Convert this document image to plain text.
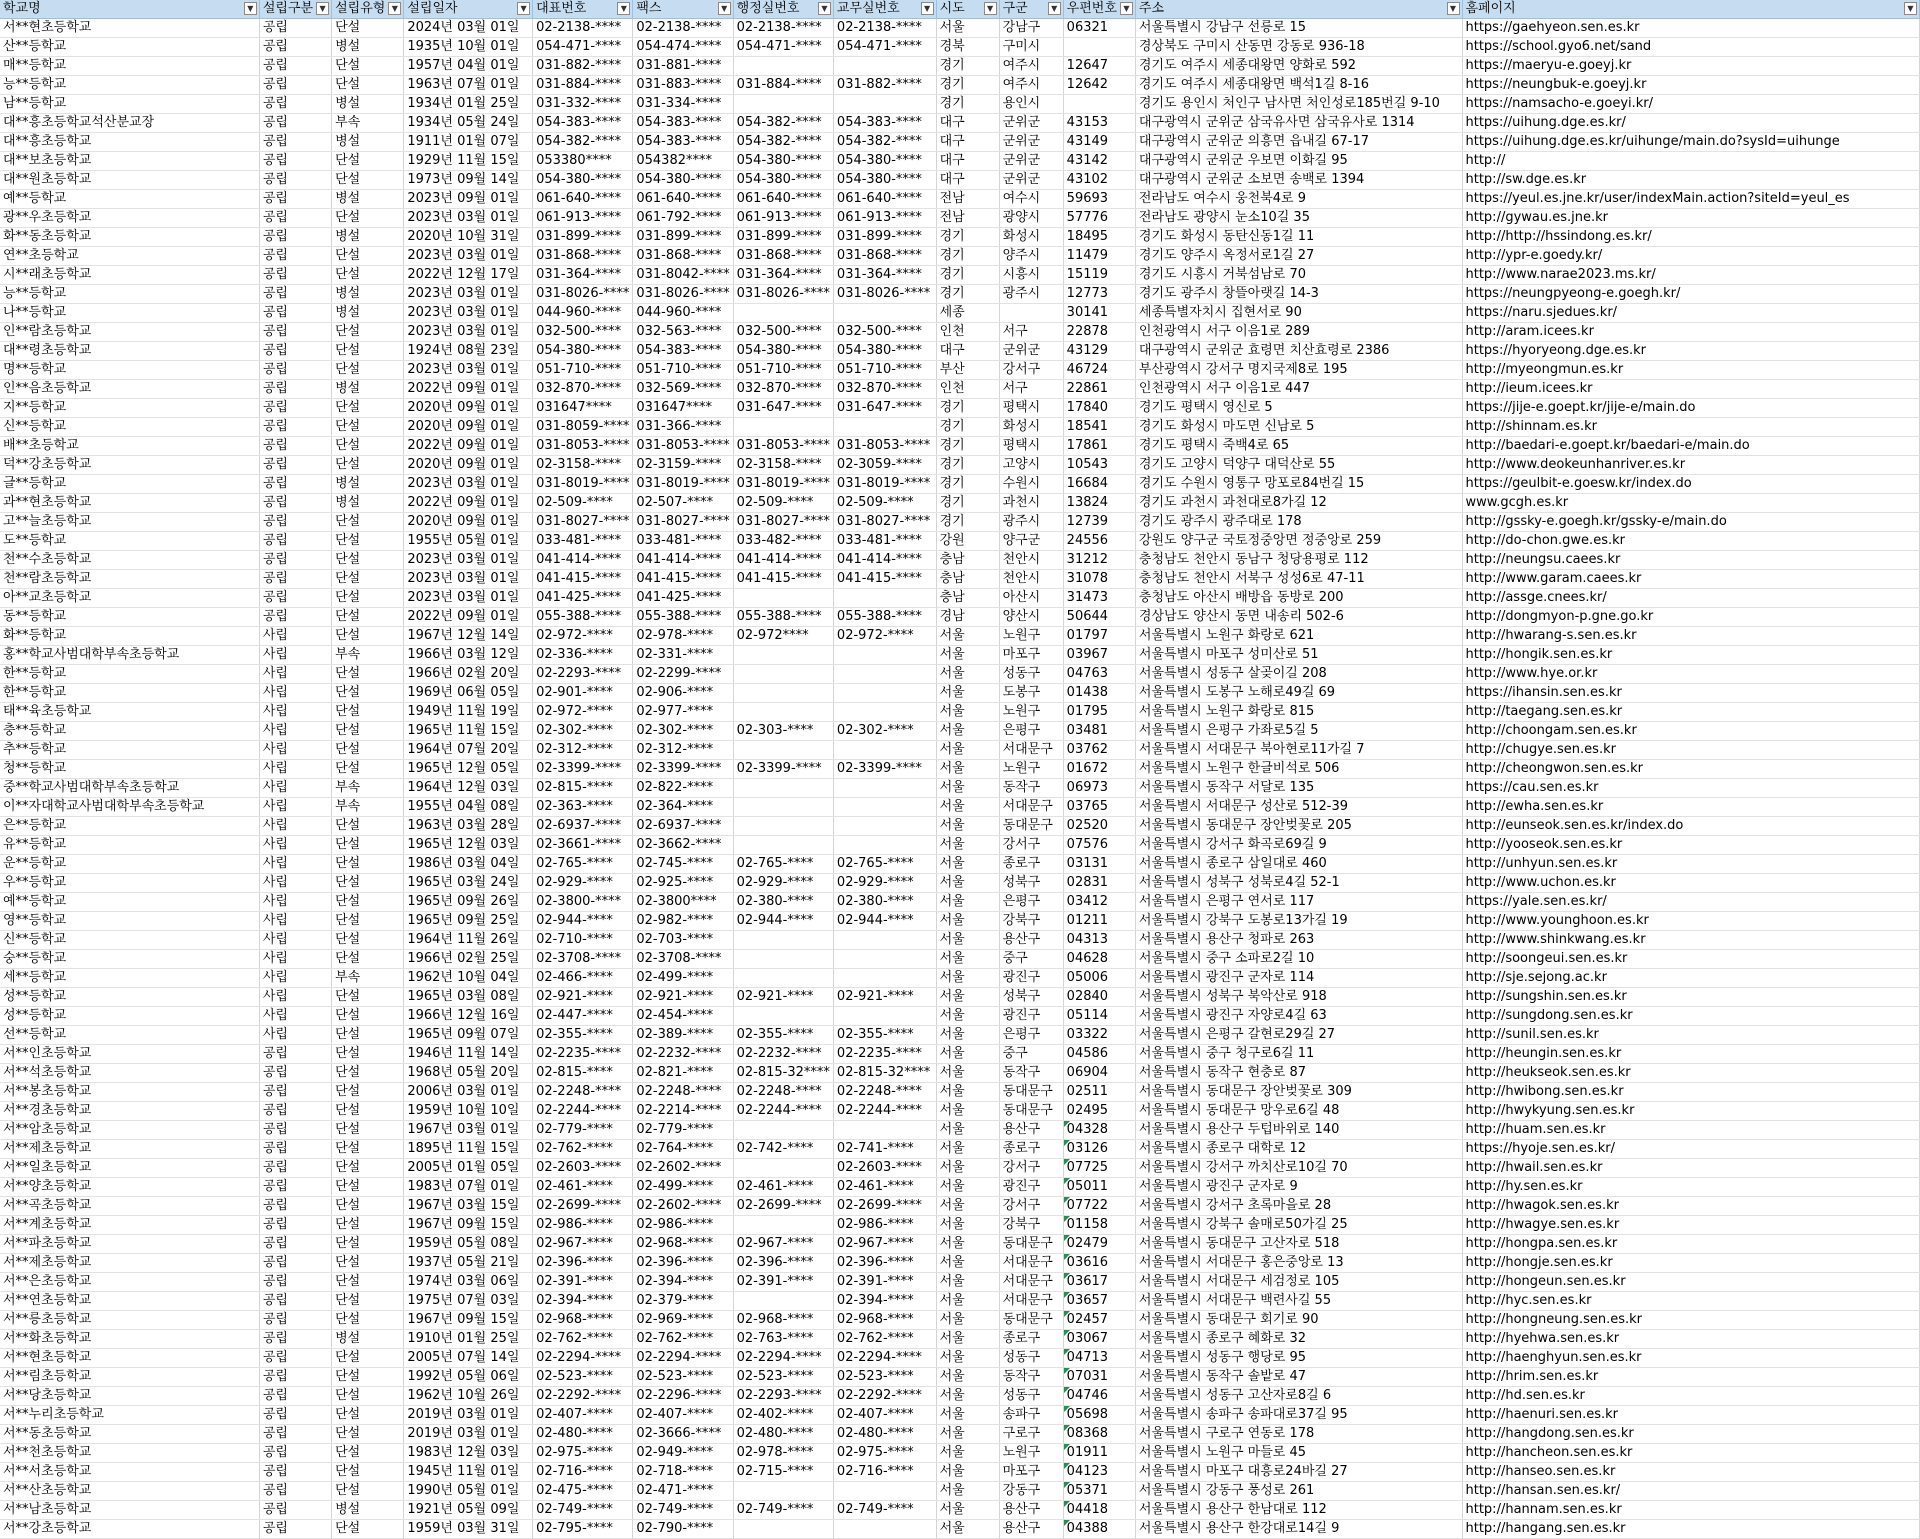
학교명 ▼	설립구분 ▼	설립유형 ▼	설립일자 ▼	대표번호 ▼	팩스 ▼	행정실번호 ▼	교무실번호 ▼	시도 ▼	구군 ▼	우편번호 ▼	주소 ▼	홈페이지 ▼

서**현초등학교	공립	단설	2024년 03월 01일	02-2138-****	02-2138-****	02-2138-****	02-2138-****	서울	강남구	06321	서울특별시 강남구 선릉로 15	https://gaehyeon.sen.es.kr
산**등학교	공립	병설	1935년 10월 01일	054-471-****	054-474-****	054-471-****	054-471-****	경북	구미시		경상북도 구미시 산동면 강동로 936-18	https://school.gyo6.net/sand
매**등학교	공립	단설	1957년 04월 01일	031-882-****	031-881-****			경기	여주시	12647	경기도 여주시 세종대왕면 양화로 592	https://maeryu-e.goeyj.kr
능**등학교	공립	단설	1963년 07월 01일	031-884-****	031-883-****	031-884-****	031-882-****	경기	여주시	12642	경기도 여주시 세종대왕면 백석1길 8-16	https://neungbuk-e.goeyj.kr
남**등학교	공립	병설	1934년 01월 25일	031-332-****	031-334-****			경기	용인시		경기도 용인시 처인구 남사면 처인성로185번길 9-10	https://namsacho-e.goeyi.kr/
대**흥초등학교석산분교장	공립	부속	1934년 05월 24일	054-383-****	054-383-****	054-382-****	054-383-****	대구	군위군	43153	대구광역시 군위군 삼국유사면 삼국유사로 1314	https://uihung.dge.es.kr/
대**흥초등학교	공립	병설	1911년 01월 07일	054-382-****	054-383-****	054-382-****	054-382-****	대구	군위군	43149	대구광역시 군위군 의흥면 읍내길 67-17	https://uihung.dge.es.kr/uihunge/main.do?sysId=uihunge
대**보초등학교	공립	단설	1929년 11월 15일	053380****	054382****	054-380-****	054-380-****	대구	군위군	43142	대구광역시 군위군 우보면 이화길 95	http://
대**원초등학교	공립	단설	1973년 09월 14일	054-380-****	054-380-****	054-380-****	054-380-****	대구	군위군	43102	대구광역시 군위군 소보면 송백로 1394	http://sw.dge.es.kr
예**등학교	공립	병설	2023년 09월 01일	061-640-****	061-640-****	061-640-****	061-640-****	전남	여수시	59693	전라남도 여수시 웅천북4로 9	https://yeul.es.jne.kr/user/indexMain.action?siteId=yeul_es
광**우초등학교	공립	단설	2023년 03월 01일	061-913-****	061-792-****	061-913-****	061-913-****	전남	광양시	57776	전라남도 광양시 눈소10길 35	http://gywau.es.jne.kr
화**동초등학교	공립	병설	2020년 10월 31일	031-899-****	031-899-****	031-899-****	031-899-****	경기	화성시	18495	경기도 화성시 동탄신동1길 11	http://http://hssindong.es.kr/
연**초등학교	공립	단설	2023년 03월 01일	031-868-****	031-868-****	031-868-****	031-868-****	경기	양주시	11479	경기도 양주시 옥정서로1길 27	http://ypr-e.goedy.kr/
시**래초등학교	공립	단설	2022년 12월 17일	031-364-****	031-8042-****	031-364-****	031-364-****	경기	시흥시	15119	경기도 시흥시 거북섬남로 70	http://www.narae2023.ms.kr/
능**등학교	공립	병설	2023년 03월 01일	031-8026-****	031-8026-****	031-8026-****	031-8026-****	경기	광주시	12773	경기도 광주시 창뜰아랫길 14-3	https://neungpyeong-e.goegh.kr/
나**등학교	공립	병설	2023년 03월 01일	044-960-****	044-960-****			세종		30141	세종특별자치시 집현서로 90	https://naru.sjedues.kr/
인**람초등학교	공립	단설	2023년 03월 01일	032-500-****	032-563-****	032-500-****	032-500-****	인천	서구	22878	인천광역시 서구 이음1로 289	http://aram.icees.kr
대**령초등학교	공립	단설	1924년 08월 23일	054-380-****	054-383-****	054-380-****	054-380-****	대구	군위군	43129	대구광역시 군위군 효령면 치산효령로 2386	https://hyoryeong.dge.es.kr
명**등학교	공립	단설	2023년 03월 01일	051-710-****	051-710-****	051-710-****	051-710-****	부산	강서구	46724	부산광역시 강서구 명지국제8로 195	http://myeongmun.es.kr
인**음초등학교	공립	병설	2022년 09월 01일	032-870-****	032-569-****	032-870-****	032-870-****	인천	서구	22861	인천광역시 서구 이음1로 447	http://ieum.icees.kr
지**등학교	공립	단설	2020년 09월 01일	031647****	031647****	031-647-****	031-647-****	경기	평택시	17840	경기도 평택시 영신로 5	https://jije-e.goept.kr/jije-e/main.do
신**등학교	공립	단설	2020년 09월 01일	031-8059-****	031-366-****			경기	화성시	18541	경기도 화성시 마도면 신남로 5	http://shinnam.es.kr
배**초등학교	공립	단설	2022년 09월 01일	031-8053-****	031-8053-****	031-8053-****	031-8053-****	경기	평택시	17861	경기도 평택시 죽백4로 65	http://baedari-e.goept.kr/baedari-e/main.do
덕**강초등학교	공립	단설	2020년 09월 01일	02-3158-****	02-3159-****	02-3158-****	02-3059-****	경기	고양시	10543	경기도 고양시 덕양구 대덕산로 55	http://www.deokeunhanriver.es.kr
글**등학교	공립	병설	2023년 03월 01일	031-8019-****	031-8019-****	031-8019-****	031-8019-****	경기	수원시	16684	경기도 수원시 영통구 망포로84번길 15	https://geulbit-e.goesw.kr/index.do
과**현초등학교	공립	병설	2022년 09월 01일	02-509-****	02-507-****	02-509-****	02-509-****	경기	과천시	13824	경기도 과천시 과천대로8가길 12	www.gcgh.es.kr
고**늘초등학교	공립	단설	2020년 09월 01일	031-8027-****	031-8027-****	031-8027-****	031-8027-****	경기	광주시	12739	경기도 광주시 광주대로 178	http://gssky-e.goegh.kr/gssky-e/main.do
도**등학교	공립	단설	1955년 05월 01일	033-481-****	033-481-****	033-482-****	033-481-****	강원	양구군	24556	강원도 양구군 국토정중앙면 정중앙로 259	http://do-chon.gwe.es.kr
천**수초등학교	공립	단설	2023년 03월 01일	041-414-****	041-414-****	041-414-****	041-414-****	충남	천안시	31212	충청남도 천안시 동남구 청당용평로 112	http://neungsu.caees.kr
천**람초등학교	공립	단설	2023년 03월 01일	041-415-****	041-415-****	041-415-****	041-415-****	충남	천안시	31078	충청남도 천안시 서북구 성성6로 47-11	http://www.garam.caees.kr
아**교초등학교	공립	단설	2023년 03월 01일	041-425-****	041-425-****			충남	아산시	31473	충청남도 아산시 배방읍 동방로 200	http://assge.cnees.kr/
동**등학교	공립	단설	2022년 09월 01일	055-388-****	055-388-****	055-388-****	055-388-****	경남	양산시	50644	경상남도 양산시 동면 내송리 502-6	http://dongmyon-p.gne.go.kr
화**등학교	사립	단설	1967년 12월 14일	02-972-****	02-978-****	02-972****	02-972-****	서울	노원구	01797	서울특별시 노원구 화랑로 621	http://hwarang-s.sen.es.kr
홍**학교사범대학부속초등학교	사립	부속	1966년 03월 12일	02-336-****	02-331-****			서울	마포구	03967	서울특별시 마포구 성미산로 51	http://hongik.sen.es.kr
한**등학교	사립	단설	1966년 02월 20일	02-2293-****	02-2299-****			서울	성동구	04763	서울특별시 성동구 살곶이길 208	http://www.hye.or.kr
한**등학교	사립	단설	1969년 06월 05일	02-901-****	02-906-****			서울	도봉구	01438	서울특별시 도봉구 노해로49길 69	https://ihansin.sen.es.kr
태**육초등학교	사립	단설	1949년 11월 19일	02-972-****	02-977-****			서울	노원구	01795	서울특별시 노원구 화랑로 815	http://taegang.sen.es.kr
충**등학교	사립	단설	1965년 11월 15일	02-302-****	02-302-****	02-303-****	02-302-****	서울	은평구	03481	서울특별시 은평구 가좌로5길 5	http://choongam.sen.es.kr
추**등학교	사립	단설	1964년 07월 20일	02-312-****	02-312-****			서울	서대문구	03762	서울특별시 서대문구 북아현로11가길 7	http://chugye.sen.es.kr
청**등학교	사립	단설	1965년 12월 05일	02-3399-****	02-3399-****	02-3399-****	02-3399-****	서울	노원구	01672	서울특별시 노원구 한글비석로 506	http://cheongwon.sen.es.kr
중**학교사범대학부속초등학교	사립	부속	1964년 12월 03일	02-815-****	02-822-****			서울	동작구	06973	서울특별시 동작구 서달로 135	https://cau.sen.es.kr
이**자대학교사범대학부속초등학교	사립	부속	1955년 04월 08일	02-363-****	02-364-****			서울	서대문구	03765	서울특별시 서대문구 성산로 512-39	http://ewha.sen.es.kr
은**등학교	사립	단설	1963년 03월 28일	02-6937-****	02-6937-****			서울	동대문구	02520	서울특별시 동대문구 장안벚꽃로 205	http://eunseok.sen.es.kr/index.do
유**등학교	사립	단설	1965년 12월 03일	02-3661-****	02-3662-****			서울	강서구	07576	서울특별시 강서구 화곡로69길 9	http://yooseok.sen.es.kr
운**등학교	사립	단설	1986년 03월 04일	02-765-****	02-745-****	02-765-****	02-765-****	서울	종로구	03131	서울특별시 종로구 삼일대로 460	http://unhyun.sen.es.kr
우**등학교	사립	단설	1965년 03월 24일	02-929-****	02-925-****	02-929-****	02-929-****	서울	성북구	02831	서울특별시 성북구 성북로4길 52-1	http://www.uchon.es.kr
예**등학교	사립	단설	1965년 09월 26일	02-3800-****	02-3800****	02-380-****	02-380-****	서울	은평구	03412	서울특별시 은평구 연서로 117	https://yale.sen.es.kr/
영**등학교	사립	단설	1965년 09월 25일	02-944-****	02-982-****	02-944-****	02-944-****	서울	강북구	01211	서울특별시 강북구 도봉로13가길 19	http://www.younghoon.es.kr
신**등학교	사립	단설	1964년 11월 26일	02-710-****	02-703-****			서울	용산구	04313	서울특별시 용산구 청파로 263	http://www.shinkwang.es.kr
숭**등학교	사립	단설	1966년 02월 25일	02-3708-****	02-3708-****			서울	중구	04628	서울특별시 중구 소파로2길 10	http://soongeui.sen.es.kr
세**등학교	사립	부속	1962년 10월 04일	02-466-****	02-499-****			서울	광진구	05006	서울특별시 광진구 군자로 114	http://sje.sejong.ac.kr
성**등학교	사립	단설	1965년 03월 08일	02-921-****	02-921-****	02-921-****	02-921-****	서울	성북구	02840	서울특별시 성북구 북악산로 918	http://sungshin.sen.es.kr
성**등학교	사립	단설	1966년 12월 16일	02-447-****	02-454-****			서울	광진구	05114	서울특별시 광진구 자양로4길 63	http://sungdong.sen.es.kr
선**등학교	사립	단설	1965년 09월 07일	02-355-****	02-389-****	02-355-****	02-355-****	서울	은평구	03322	서울특별시 은평구 갈현로29길 27	http://sunil.sen.es.kr
서**인초등학교	공립	단설	1946년 11월 14일	02-2235-****	02-2232-****	02-2232-****	02-2235-****	서울	중구	04586	서울특별시 중구 청구로6길 11	http://heungin.sen.es.kr
서**석초등학교	공립	단설	1968년 05월 20일	02-815-****	02-821-****	02-815-32****	02-815-32****	서울	동작구	06904	서울특별시 동작구 현충로 87	http://heukseok.sen.es.kr
서**봉초등학교	공립	단설	2006년 03월 01일	02-2248-****	02-2248-****	02-2248-****	02-2248-****	서울	동대문구	02511	서울특별시 동대문구 장안벚꽃로 309	http://hwibong.sen.es.kr
서**경초등학교	공립	단설	1959년 10월 10일	02-2244-****	02-2214-****	02-2244-****	02-2244-****	서울	동대문구	02495	서울특별시 동대문구 망우로6길 48	http://hwykyung.sen.es.kr
서**암초등학교	공립	단설	1967년 03월 01일	02-779-****	02-779-****			서울	용산구	04328	서울특별시 용산구 두텁바위로 140	http://huam.sen.es.kr
서**제초등학교	공립	단설	1895년 11월 15일	02-762-****	02-764-****	02-742-****	02-741-****	서울	종로구	03126	서울특별시 종로구 대학로 12	https://hyoje.sen.es.kr/
서**일초등학교	공립	단설	2005년 01월 05일	02-2603-****	02-2602-****		02-2603-****	서울	강서구	07725	서울특별시 강서구 까치산로10길 70	http://hwail.sen.es.kr
서**양초등학교	공립	단설	1983년 07월 01일	02-461-****	02-499-****	02-461-****	02-461-****	서울	광진구	05011	서울특별시 광진구 군자로 9	http://hy.sen.es.kr
서**곡초등학교	공립	단설	1967년 03월 15일	02-2699-****	02-2602-****	02-2699-****	02-2699-****	서울	강서구	07722	서울특별시 강서구 초록마을로 28	http://hwagok.sen.es.kr
서**계초등학교	공립	단설	1967년 09월 15일	02-986-****	02-986-****		02-986-****	서울	강북구	01158	서울특별시 강북구 솔매로50가길 25	http://hwagye.sen.es.kr
서**파초등학교	공립	단설	1959년 05월 08일	02-967-****	02-968-****	02-967-****	02-967-****	서울	동대문구	02479	서울특별시 동대문구 고산자로 518	http://hongpa.sen.es.kr
서**제초등학교	공립	단설	1937년 05월 21일	02-396-****	02-396-****	02-396-****	02-396-****	서울	서대문구	03616	서울특별시 서대문구 홍은중앙로 13	http://hongje.sen.es.kr
서**은초등학교	공립	단설	1974년 03월 06일	02-391-****	02-394-****	02-391-****	02-391-****	서울	서대문구	03617	서울특별시 서대문구 세검정로 105	http://hongeun.sen.es.kr
서**연초등학교	공립	단설	1975년 07월 03일	02-394-****	02-379-****		02-394-****	서울	서대문구	03657	서울특별시 서대문구 백련사길 55	http://hyc.sen.es.kr
서**릉초등학교	공립	단설	1967년 09월 15일	02-968-****	02-969-****	02-968-****	02-968-****	서울	동대문구	02457	서울특별시 동대문구 회기로 90	http://hongneung.sen.es.kr
서**화초등학교	공립	병설	1910년 01월 25일	02-762-****	02-762-****	02-763-****	02-762-****	서울	종로구	03067	서울특별시 종로구 혜화로 32	http://hyehwa.sen.es.kr
서**현초등학교	공립	단설	2005년 07월 14일	02-2294-****	02-2294-****	02-2294-****	02-2294-****	서울	성동구	04713	서울특별시 성동구 행당로 95	http://haenghyun.sen.es.kr
서**림초등학교	공립	단설	1992년 05월 06일	02-523-****	02-523-****	02-523-****	02-523-****	서울	동작구	07031	서울특별시 동작구 솔밭로 47	http://hrim.sen.es.kr
서**당초등학교	공립	단설	1962년 10월 26일	02-2292-****	02-2296-****	02-2293-****	02-2292-****	서울	성동구	04746	서울특별시 성동구 고산자로8길 6	http://hd.sen.es.kr
서**누리초등학교	공립	단설	2019년 03월 01일	02-407-****	02-407-****	02-402-****	02-407-****	서울	송파구	05698	서울특별시 송파구 송파대로37길 95	http://haenuri.sen.es.kr
서**동초등학교	공립	단설	2019년 03월 01일	02-480-****	02-3666-****	02-480-****	02-480-****	서울	구로구	08368	서울특별시 구로구 연동로 178	http://hangdong.sen.es.kr
서**천초등학교	공립	단설	1983년 12월 03일	02-975-****	02-949-****	02-978-****	02-975-****	서울	노원구	01911	서울특별시 노원구 마들로 45	http://hancheon.sen.es.kr
서**서초등학교	공립	단설	1945년 11월 01일	02-716-****	02-718-****	02-715-****	02-716-****	서울	마포구	04123	서울특별시 마포구 대흥로24바길 27	http://hanseo.sen.es.kr
서**산초등학교	공립	단설	1990년 05월 01일	02-475-****	02-471-****			서울	강동구	05371	서울특별시 강동구 풍성로 261	http://hansan.sen.es.kr/
서**남초등학교	공립	병설	1921년 05월 09일	02-749-****	02-749-****	02-749-****	02-749-****	서울	용산구	04418	서울특별시 용산구 한남대로 112	http://hannam.sen.es.kr
서**강초등학교	공립	단설	1959년 03월 31일	02-795-****	02-790-****			서울	용산구	04388	서울특별시 용산구 한강대로14길 9	http://hangang.sen.es.kr
